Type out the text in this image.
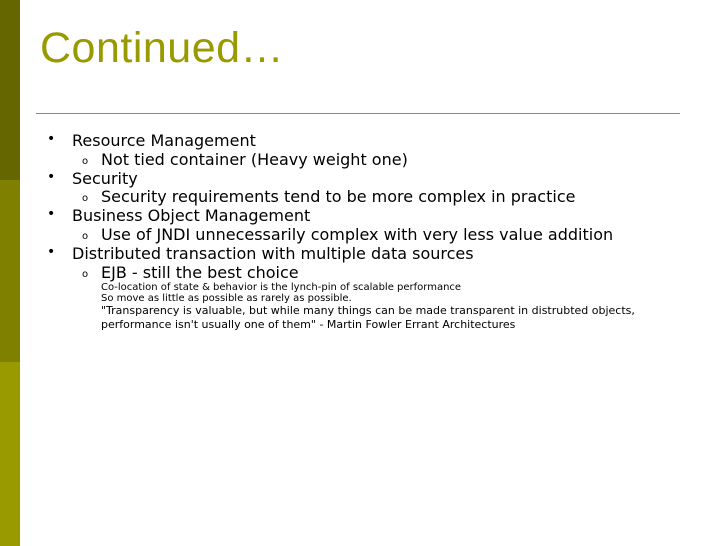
Continued…
• Resource Management
o Not tied container (Heavy weight one)
• Security
o Security requirements tend to be more complex in practice
• Business Object Management
o Use of JNDI unnecessarily complex with very less value addition
• Distributed transaction with multiple data sources
o EJB - still the best choice
Co-location of state & behavior is the lynch-pin of scalable performance
So move as little as possible as rarely as possible.
"Transparency is valuable, but while many things can be made transparent in distrubted objects,
performance isn't usually one of them" - Martin Fowler Errant Architectures
